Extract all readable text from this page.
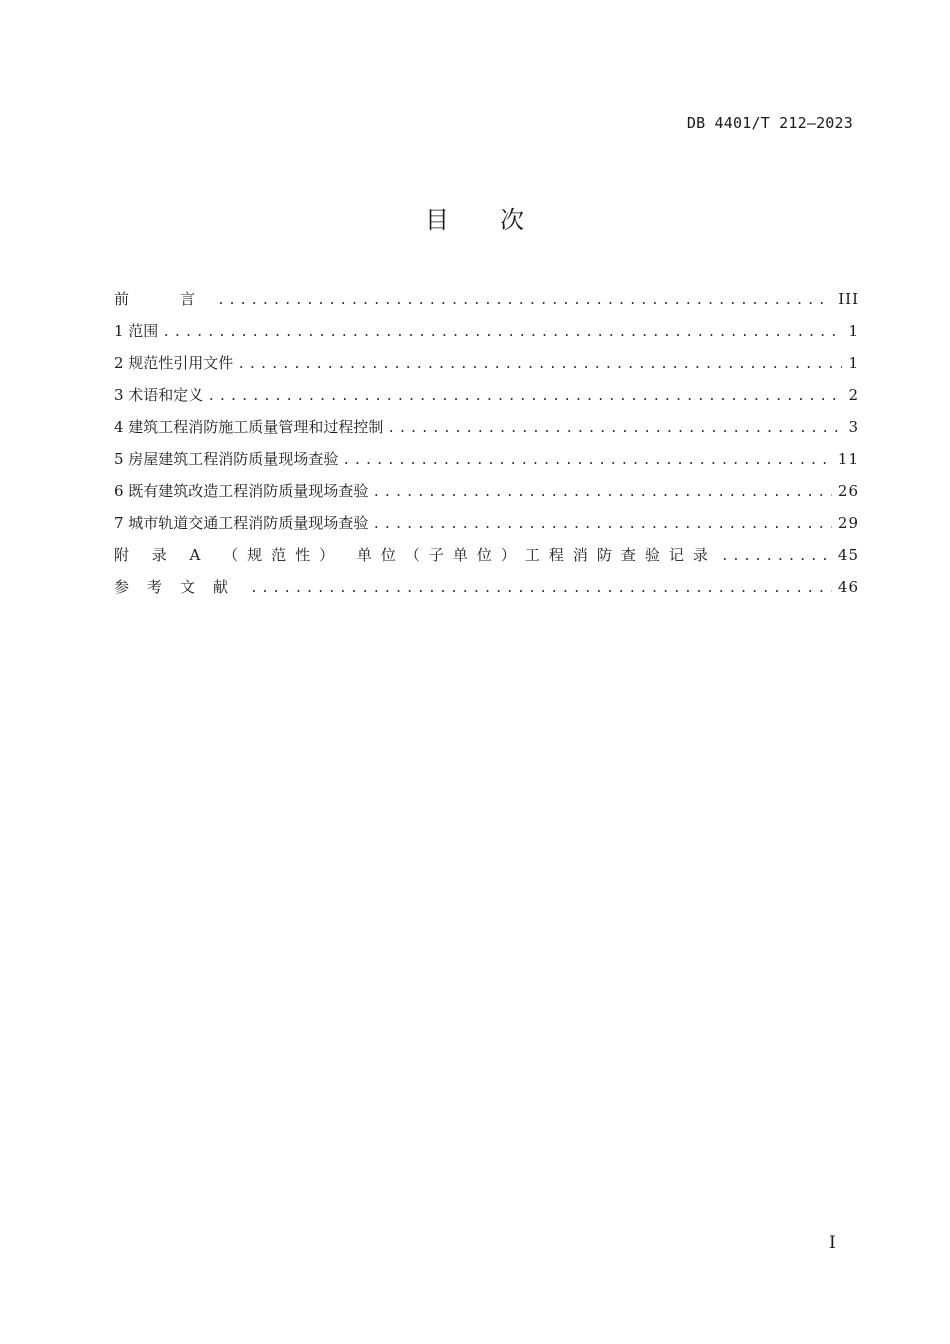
DB 4401/T 212—2023
目 次
前　言 .....	III
1 范围 .....	1
2 规范性引用文件 .....	1
3 术语和定义 .....	2
4 建筑工程消防施工质量管理和过程控制 .....	3
5 房屋建筑工程消防质量现场查验 .....	11
6 既有建筑改造工程消防质量现场查验 .....	26
7 城市轨道交通工程消防质量现场查验 .....	29
附 录 A （规范性） 单位（子单位）工程消防查验记录 .....	45
参考文献 .....	46
I
